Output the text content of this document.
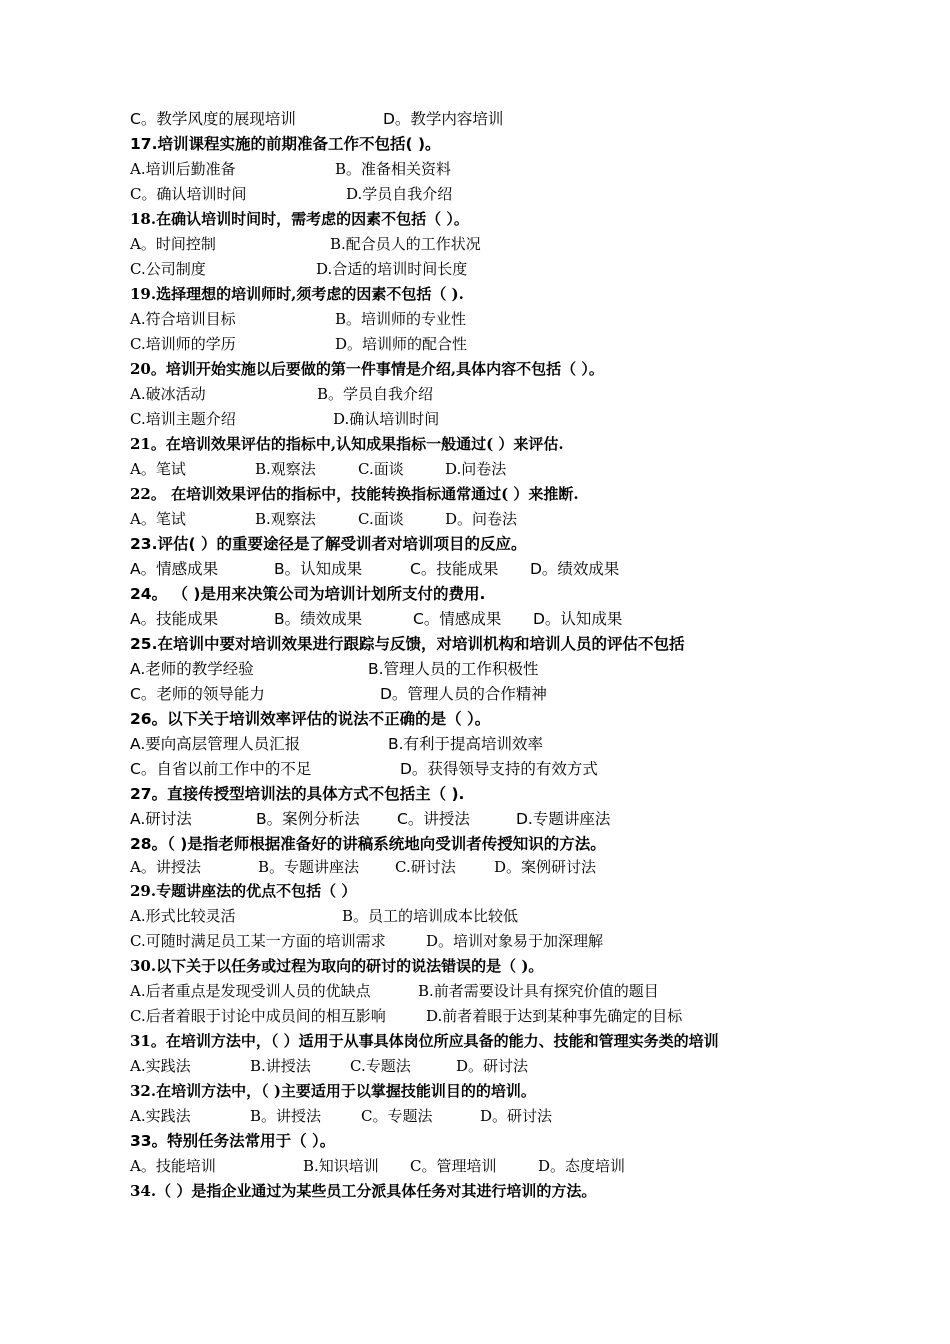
C。教学风度的展现培训	D。教学内容培训
17.培训课程实施的前期准备工作不包括( )。
A.培训后勤准备	B。准备相关资料
C。确认培训时间	D.学员自我介绍
18.在确认培训时间时，需考虑的因素不包括（ ）。
A。时间控制	B.配合员人的工作状况
C.公司制度	D.合适的培训时间长度
19.选择理想的培训师时,须考虑的因素不包括（ ).
A.符合培训目标	B。培训师的专业性
C.培训师的学历	D。培训师的配合性
20。培训开始实施以后要做的第一件事情是介绍,具体内容不包括（ ）。
A.破冰活动	B。学员自我介绍
C.培训主题介绍	D.确认培训时间
21。在培训效果评估的指标中,认知成果指标一般通过( ）来评估.
A。笔试	B.观察法	C.面谈	D.问卷法
22。 在培训效果评估的指标中，技能转换指标通常通过( ）来推断.
A。笔试	B.观察法	C.面谈	D。问卷法
23.评估( ）的重要途径是了解受训者对培训项目的反应。
A。情感成果	B。认知成果	C。技能成果 D。绩效成果
24。 （ )是用来决策公司为培训计划所支付的费用.
A。技能成果	B。绩效成果	C。情感成果 D。认知成果
25.在培训中要对培训效果进行跟踪与反馈，对培训机构和培训人员的评估不包括
A.老师的教学经验	B.管理人员的工作积极性
C。老师的领导能力	D。管理人员的合作精神
26。以下关于培训效率评估的说法不正确的是（ ）。
A.要向高层管理人员汇报	B.有利于提高培训效率
C。自省以前工作中的不足	D。获得领导支持的有效方式
27。直接传授型培训法的具体方式不包括主（ ).
A.研讨法	B。案例分析法 C。讲授法	D.专题讲座法
28。（ )是指老师根据准备好的讲稿系统地向受训者传授知识的方法。
A。讲授法	B。专题讲座法 C.研讨法	D。案例研讨法
29.专题讲座法的优点不包括（ ）
A.形式比较灵活	B。员工的培训成本比较低
C.可随时满足员工某一方面的培训需求	D。培训对象易于加深理解
30.以下关于以任务或过程为取向的研讨的说法错误的是（ )。
A.后者重点是发现受训人员的优缺点	B.前者需要设计具有探究价值的题目
C.后者着眼于讨论中成员间的相互影响	D.前者着眼于达到某种事先确定的目标
31。在培训方法中，（ ）适用于从事具体岗位所应具备的能力、技能和管理实务类的培训
A.实践法	B.讲授法	C.专题法	D。研讨法
32.在培训方法中，（ )主要适用于以掌握技能训目的的培训。
A.实践法	B。讲授法	C。专题法	D。研讨法
33。特别任务法常用于（ ）。
A。技能培训	B.知识培训 C。管理培训	D。态度培训
34.（ ）是指企业通过为某些员工分派具体任务对其进行培训的方法。
